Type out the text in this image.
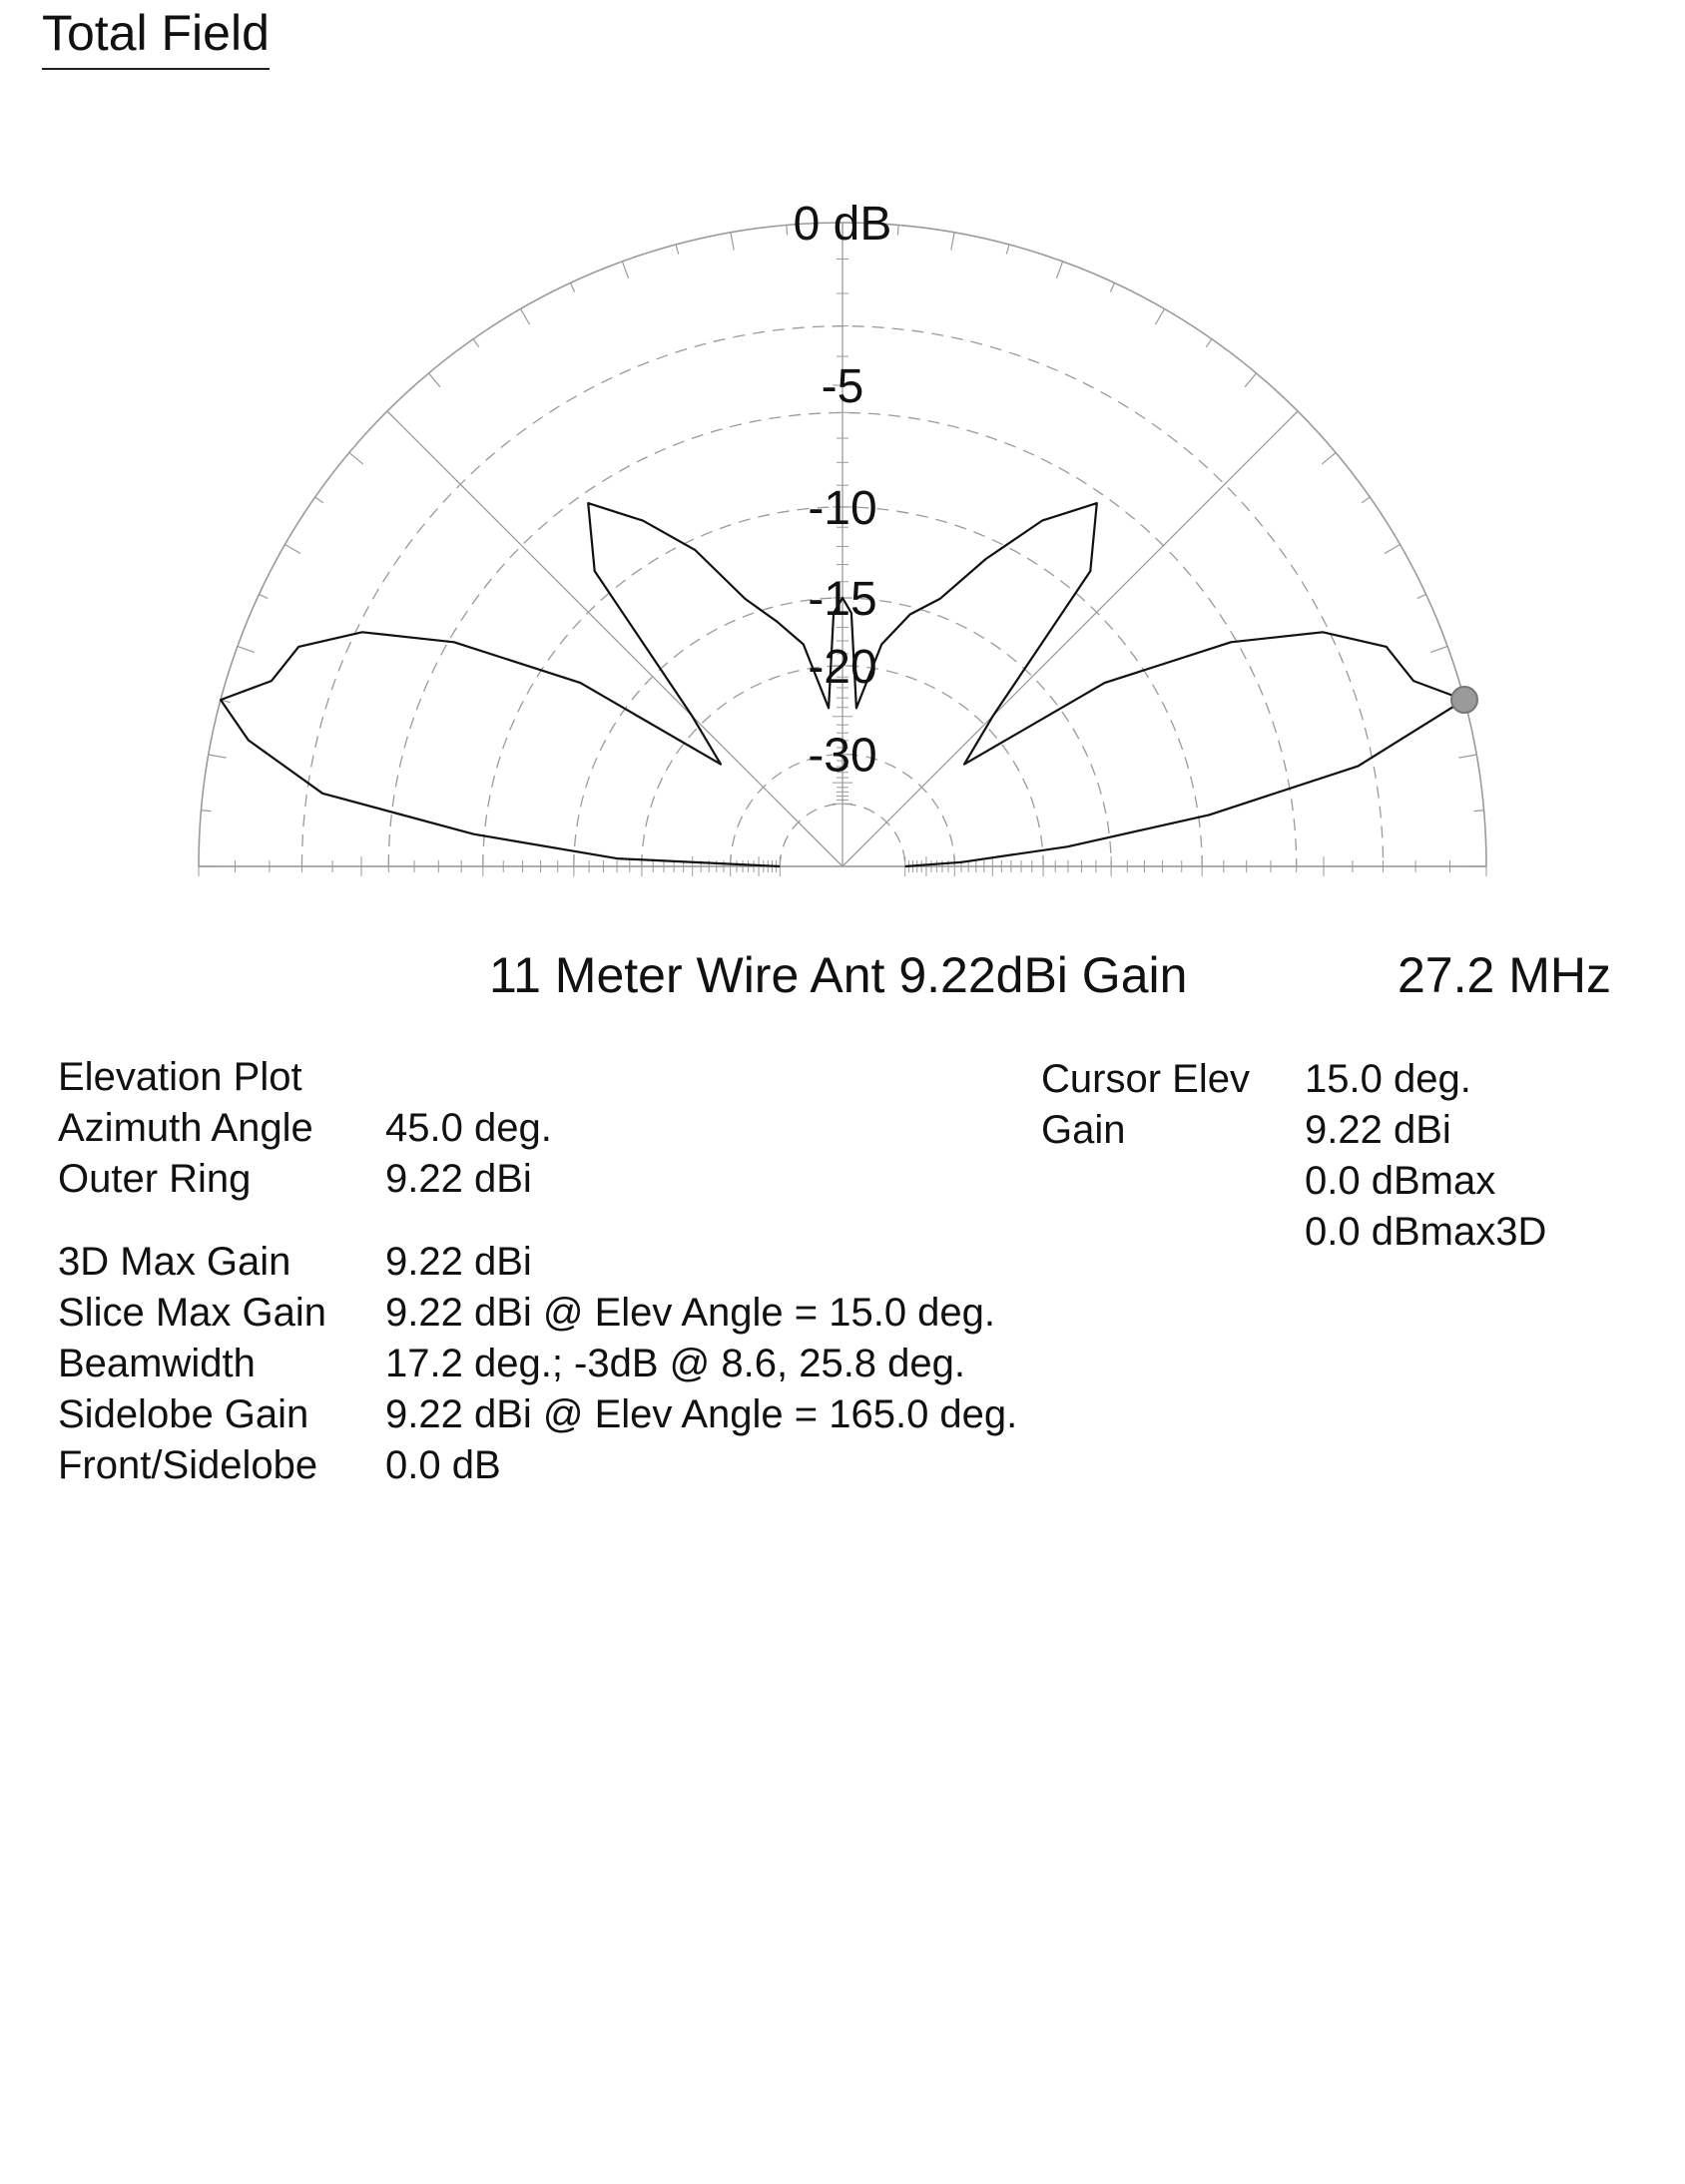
Total Field
0 dB
-5
-10
-15
-20
-30
11 Meter Wire Ant 9.22dBi Gain	27.2 MHz
Elevation Plot
Azimuth Angle 45.0 deg.
Outer Ring	9.22 dBi
3D Max Gain 9.22 dBi
Slice Max Gain 9.22 dBi @ Elev Angle = 15.0 deg.
Beamwidth	17.2 deg.; -3dB @ 8.6, 25.8 deg.
Sidelobe Gain 9.22 dBi @ Elev Angle = 165.0 deg.
Front/Sidelobe 0.0 dB
Cursor Elev 15.0 deg.
Gain	9.22 dBi
0.0 dBmax
0.0 dBmax3D
